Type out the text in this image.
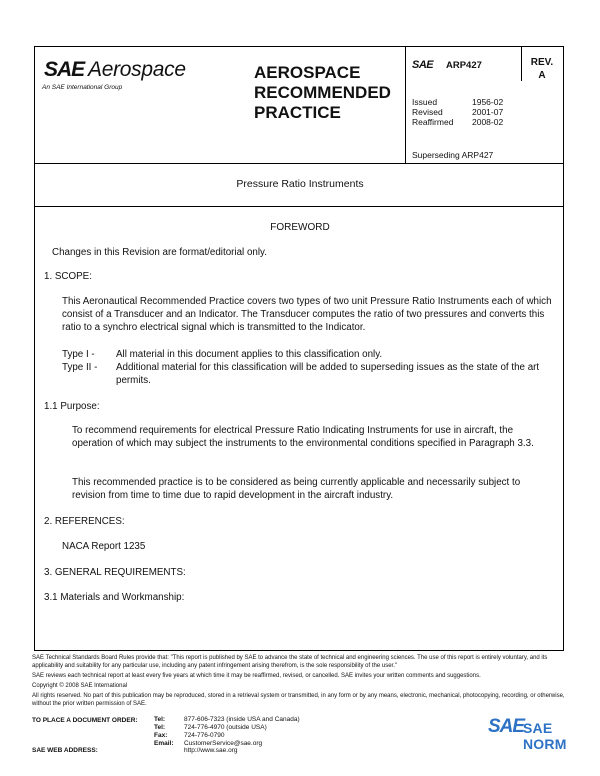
SAE Aerospace
An SAE International Group
AEROSPACE RECOMMENDED PRACTICE
SAE ARP427	REV.
A
Issued	1956-02
Revised	2001-07
Reaffirmed 2008-02
Superseding ARP427
Pressure Ratio Instruments
FOREWORD
Changes in this Revision are format/editorial only.
1. SCOPE:
This Aeronautical Recommended Practice covers two types of two unit Pressure Ratio Instruments each of which consist of a Transducer and an Indicator. The Transducer computes the ratio of two pressures and converts this ratio to a synchro electrical signal which is transmitted to the Indicator.
Type I - All material in this document applies to this classification only.
Type II - Additional material for this classification will be added to superseding issues as the state of the art permits.
1.1 Purpose:
To recommend requirements for electrical Pressure Ratio Indicating Instruments for use in aircraft, the operation of which may subject the instruments to the environmental conditions specified in Paragraph 3.3.
This recommended practice is to be considered as being currently applicable and necessarily subject to revision from time to time due to rapid development in the aircraft industry.
2. REFERENCES:
NACA Report 1235
3. GENERAL REQUIREMENTS:
3.1 Materials and Workmanship:
SAE Technical Standards Board Rules provide that: "This report is published by SAE to advance the state of technical and engineering sciences. The use of this report is entirely voluntary, and its applicability and suitability for any particular use, including any patent infringement arising therefrom, is the sole responsibility of the user."
SAE reviews each technical report at least every five years at which time it may be reaffirmed, revised, or cancelled. SAE invites your written comments and suggestions.
Copyright © 2008 SAE International
All rights reserved. No part of this publication may be reproduced, stored in a retrieval system or transmitted, in any form or by any means, electronic, mechanical, photocopying, recording, or otherwise, without the prior written permission of SAE.
TO PLACE A DOCUMENT ORDER:	Tel:	877-606-7323 (inside USA and Canada)
Tel:	724-776-4970 (outside USA)
Fax:	724-776-0790
Email: CustomerService@sae.org
SAE WEB ADDRESS:	http://www.sae.org
SAE
SAE NORM
